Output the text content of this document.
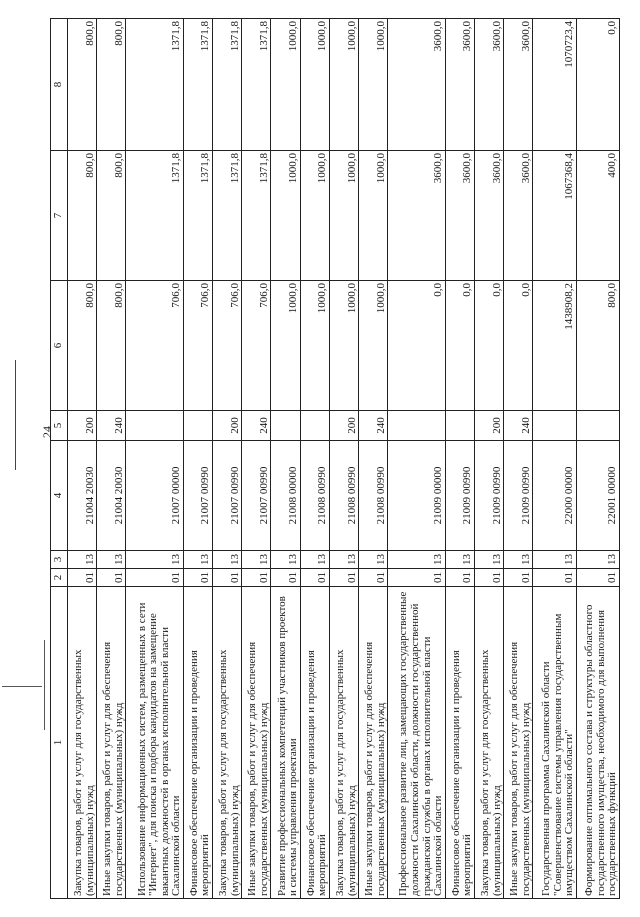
24
1	2	3	4	5	6	7	8
Закупка товаров, работ и услуг для государственных (муниципальных) нужд	01	13	21004 20030	200	800,0	800,0	800,0
Иные закупки товаров, работ и услуг для обеспечения государственных (муниципальных) нужд	01	13	21004 20030	240	800,0	800,0	800,0
Использование информационных систем, размещенных в сети "Интернет", для поиска и подбора кандидатов на замещение вакантных должностей в органах исполнительной власти Сахалинской области	01	13	21007 00000		706,0	1371,8	1371,8
Финансовое обеспечение организации и проведения мероприятий	01	13	21007 00990		706,0	1371,8	1371,8
Закупка товаров, работ и услуг для государственных (муниципальных) нужд	01	13	21007 00990	200	706,0	1371,8	1371,8
Иные закупки товаров, работ и услуг для обеспечения государственных (муниципальных) нужд	01	13	21007 00990	240	706,0	1371,8	1371,8
Развитие профессиональных компетенций участников проектов и системы управления проектами	01	13	21008 00000		1000,0	1000,0	1000,0
Финансовое обеспечение организации и проведения мероприятий	01	13	21008 00990		1000,0	1000,0	1000,0
Закупка товаров, работ и услуг для государственных (муниципальных) нужд	01	13	21008 00990	200	1000,0	1000,0	1000,0
Иные закупки товаров, работ и услуг для обеспечения государственных (муниципальных) нужд	01	13	21008 00990	240	1000,0	1000,0	1000,0
Профессиональное развитие лиц, замещающих государственные должности Сахалинской области, должности государственной гражданской службы в органах исполнительной власти Сахалинской области	01	13	21009 00000		0,0	3600,0	3600,0
Финансовое обеспечение организации и проведения мероприятий	01	13	21009 00990		0,0	3600,0	3600,0
Закупка товаров, работ и услуг для государственных (муниципальных) нужд	01	13	21009 00990	200	0,0	3600,0	3600,0
Иные закупки товаров, работ и услуг для обеспечения государственных (муниципальных) нужд	01	13	21009 00990	240	0,0	3600,0	3600,0
Государственная программа Сахалинской области "Совершенствование системы управления государственным имуществом Сахалинской области"	01	13	22000 00000		1438908,2	1067368,4	1070723,4
Формирование оптимального состава и структуры областного государственного имущества, необходимого для выполнения государственных функций	01	13	22001 00000		800,0	400,0	0,0
